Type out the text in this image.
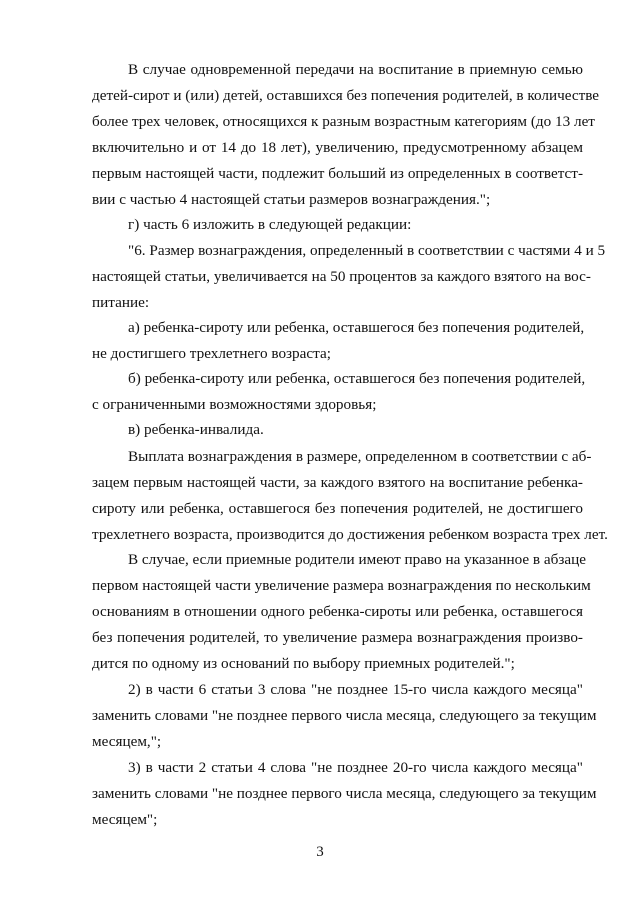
В случае одновременной передачи на воспитание в приемную семью
детей-сирот и (или) детей, оставшихся без попечения родителей, в количестве
более трех человек, относящихся к разным возрастным категориям (до 13 лет
включительно и от 14 до 18 лет), увеличению, предусмотренному абзацем
первым настоящей части, подлежит больший из определенных в соответст-
вии с частью 4 настоящей статьи размеров вознаграждения.";
г) часть 6 изложить в следующей редакции:
"6. Размер вознаграждения, определенный в соответствии с частями 4 и 5
настоящей статьи, увеличивается на 50 процентов за каждого взятого на вос-
питание:
а) ребенка-сироту или ребенка, оставшегося без попечения родителей,
не достигшего трехлетнего возраста;
б) ребенка-сироту или ребенка, оставшегося без попечения родителей,
с ограниченными возможностями здоровья;
в) ребенка-инвалида.
Выплата вознаграждения в размере, определенном в соответствии с аб-
зацем первым настоящей части, за каждого взятого на воспитание ребенка-
сироту или ребенка, оставшегося без попечения родителей, не достигшего
трехлетнего возраста, производится до достижения ребенком возраста трех лет.
В случае, если приемные родители имеют право на указанное в абзаце
первом настоящей части увеличение размера вознаграждения по нескольким
основаниям в отношении одного ребенка-сироты или ребенка, оставшегося
без попечения родителей, то увеличение размера вознаграждения произво-
дится по одному из оснований по выбору приемных родителей.";
2) в части 6 статьи 3 слова "не позднее 15-го числа каждого месяца"
заменить словами "не позднее первого числа месяца, следующего за текущим
месяцем,";
3) в части 2 статьи 4 слова "не позднее 20-го числа каждого месяца"
заменить словами "не позднее первого числа месяца, следующего за текущим
месяцем";
3
